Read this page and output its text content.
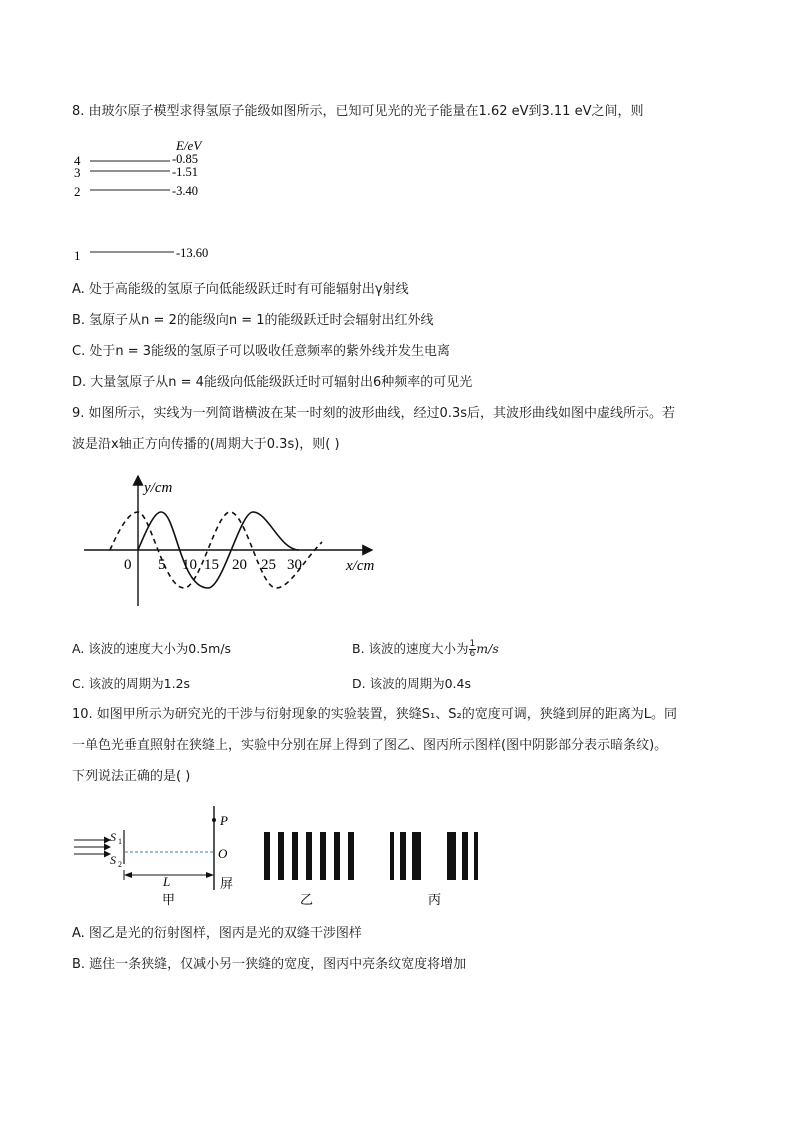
8. 由玻尔原子模型求得氢原子能级如图所示，已知可见光的光子能量在1.62 eV到3.11 eV之间，则
E/eV
4	-0.85
3	-1.51
2	-3.40
1	-13.60
A. 处于高能级的氢原子向低能级跃迁时有可能辐射出γ射线
B. 氢原子从n = 2的能级向n = 1的能级跃迁时会辐射出红外线
C. 处于n = 3能级的氢原子可以吸收任意频率的紫外线并发生电离
D. 大量氢原子从n = 4能级向低能级跃迁时可辐射出6种频率的可见光
9. 如图所示，实线为一列简谐横波在某一时刻的波形曲线，经过0.3s后，其波形曲线如图中虚线所示。若
波是沿x轴正方向传播的(周期大于0.3s)，则( )
y/cm
x/cm
0 5 10 15 20 25 30
A. 该波的速度大小为0.5m/s	B. 该波的速度大小为 $\frac{1}{6} m/s$
C. 该波的周期为1.2s	D. 该波的周期为0.4s
10. 如图甲所示为研究光的干涉与衍射现象的实验装置，狭缝S₁、S₂的宽度可调，狭缝到屏的距离为L。同
一单色光垂直照射在狭缝上，实验中分别在屏上得到了图乙、图丙所示图样(图中阴影部分表示暗条纹)。
下列说法正确的是( )
S 1
S 2
P
O
屏
L
甲	乙	丙
A. 图乙是光的衍射图样，图丙是光的双缝干涉图样
B. 遮住一条狭缝，仅减小另一狭缝的宽度，图丙中亮条纹宽度将增加
